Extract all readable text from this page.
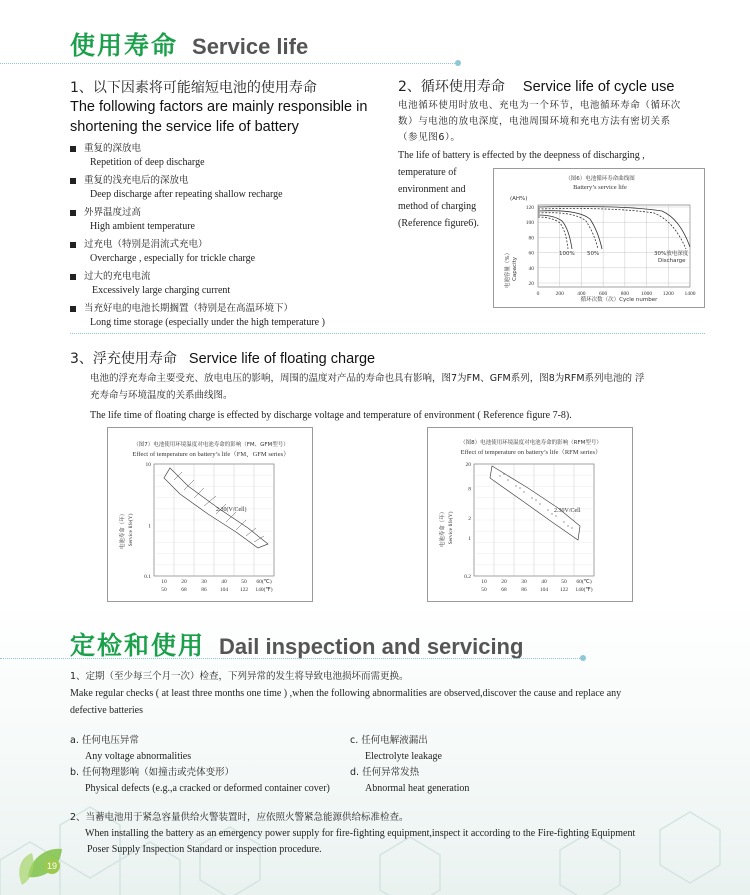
使用寿命 Service life
1、以下因素将可能缩短电池的使用寿命
The following factors are mainly responsible in
shortening the service life of battery
重复的深放电
Repetition of deep discharge
重复的浅充电后的深放电
Deep discharge after repeating shallow recharge
外界温度过高
High ambient temperature
过充电（特别是涓流式充电）
Overcharge , especially for trickle charge
过大的充电电流
Excessively large charging current
当充好电的电池长期搁置（特别是在高温环境下）
Long time storage (especially under the high temperature )
2、循环使用寿命 Service life of cycle use
电池循环使用时放电、充电为一个环节，电池循环寿命（循环次
数）与电池的放电深度，电池周围环境和充电方法有密切关系
（参见图6）。
The life of battery is effected by the deepness of discharging ,
temperature of
environment and
method of charging
(Reference figure6).
（图6）电池循环寿命曲线图
Battery’s service life
(AH%)
电池容量（%） Capacity
120
100
80
60
40
20
0	200 400 600 800 1000 1200 1400
100% 50%	30%放电深度
Discharge
循环次数（次）Cycle number
3、浮充使用寿命 Service life of floating charge
电池的浮充寿命主要受充、放电电压的影响，周围的温度对产品的寿命也具有影响，图7为FM、GFM系列，图8为RFM系列电池的 浮
充寿命与环境温度的关系曲线图。
The life time of floating charge is effected by discharge voltage and temperature of environment ( Reference figure 7-8).
（图7）电池使用环境温度对电池寿命的影响（FM、GFM型号）
Effect of temperature on battery’s life（FM、GFM series）
电池寿命（年） Service life(Y)
2.30(V/Cell)
10
1
0.1
10	20	30	40	50 60(℃)
50	68	86 104 122 140(℉)
（图8）电池使用环境温度对电池寿命的影响（RFM型号）
Effect of temperature on battery’s life（RFM series）
电池寿命（年） Service life(Y)
2.30V/Cell
20
8
2
1
0.2
10	20	30	40	50 60(℃)
50	68	86 104 122 140(℉)
定检和使用 Dail inspection and servicing
1、定期（至少每三个月一次）检查，下列异常的发生将导致电池损坏而需更换。
Make regular checks ( at least three months one time ) ,when the following abnormalities are observed,discover the cause and replace any
defective batteries
a. 任何电压异常
Any voltage abnormalities
b. 任何物理影响（如撞击或壳体变形）
Physical defects (e.g.,a cracked or deformed container cover)
c. 任何电解液漏出
Electrolyte leakage
d. 任何异常发热
Abnormal heat generation
2、当蓄电池用于紧急容量供给火警装置时，应依照火警紧急能源供给标准检查。
When installing the battery as an emergency power supply for fire-fighting equipment,inspect it according to the Fire-fighting Equipment
Poser Supply Inspection Standard or inspection procedure.
19
